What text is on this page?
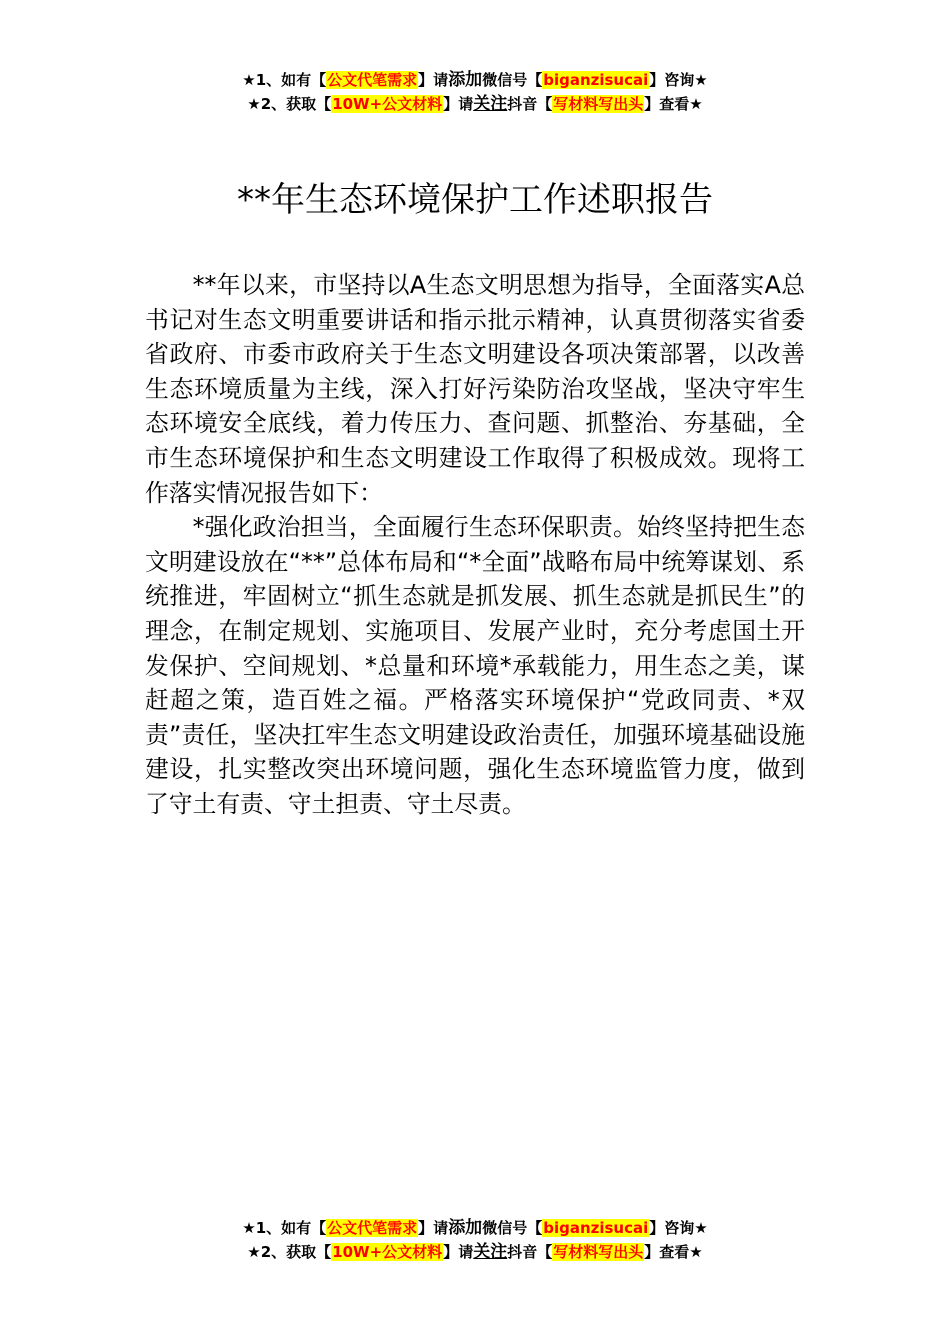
★1、如有【公文代笔需求】请添加微信号【biganzisucai】咨询★
★2、获取【10W+公文材料】请关注抖音【写材料写出头】查看★
**年生态环境保护工作述职报告

**年以来，市坚持以A生态文明思想为指导，全面落实A总书记对生态文明重要讲话和指示批示精神，认真贯彻落实省委省政府、市委市政府关于生态文明建设各项决策部署，以改善生态环境质量为主线，深入打好污染防治攻坚战，坚决守牢生态环境安全底线，着力传压力、查问题、抓整治、夯基础，全市生态环境保护和生态文明建设工作取得了积极成效。现将工作落实情况报告如下：

*强化政治担当，全面履行生态环保职责。始终坚持把生态文明建设放在“**”总体布局和“*全面”战略布局中统筹谋划、系统推进，牢固树立“抓生态就是抓发展、抓生态就是抓民生”的理念，在制定规划、实施项目、发展产业时，充分考虑国土开发保护、空间规划、*总量和环境*承载能力，用生态之美，谋赶超之策，造百姓之福。严格落实环境保护“党政同责、*双责”责任，坚决扛牢生态文明建设政治责任，加强环境基础设施建设，扎实整改突出环境问题，强化生态环境监管力度，做到了守土有责、守土担责、守土尽责。

★1、如有【公文代笔需求】请添加微信号【biganzisucai】咨询★
★2、获取【10W+公文材料】请关注抖音【写材料写出头】查看★
